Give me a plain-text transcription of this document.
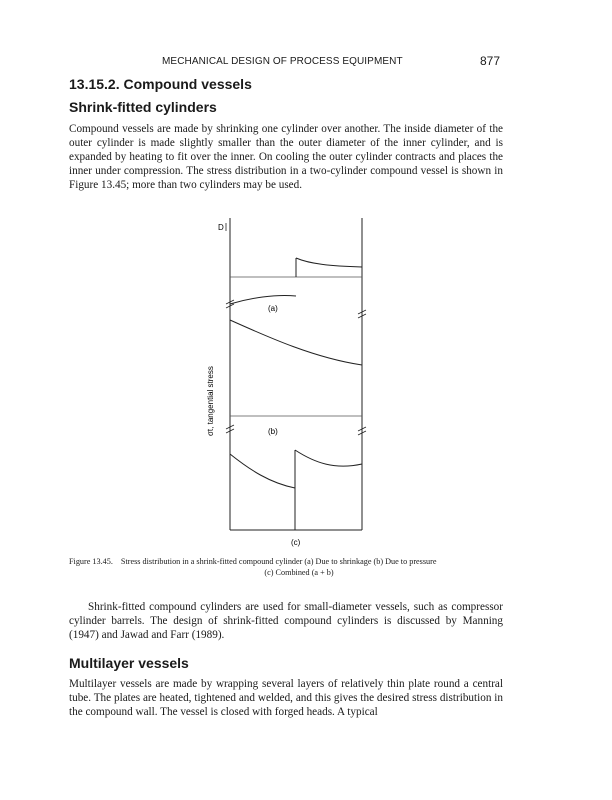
MECHANICAL DESIGN OF PROCESS EQUIPMENT	877
13.15.2. Compound vessels
Shrink-fitted cylinders

Compound vessels are made by shrinking one cylinder over another. The inside diameter of the outer cylinder is made slightly smaller than the outer diameter of the inner cylinder, and is expanded by heating to fit over the inner. On cooling the outer cylinder contracts and places the inner under compression. The stress distribution in a two-cylinder compound vessel is shown in Figure 13.45; more than two cylinders may be used.

D
(a)
(b)
(c)
σt, tangential stress
Figure 13.45. Stress distribution in a shrink-fitted compound cylinder (a) Due to shrinkage (b) Due to pressure
(c) Combined (a + b)

Shrink-fitted compound cylinders are used for small-diameter vessels, such as compressor cylinder barrels. The design of shrink-fitted compound cylinders is discussed by Manning (1947) and Jawad and Farr (1989).

Multilayer vessels

Multilayer vessels are made by wrapping several layers of relatively thin plate round a central tube. The plates are heated, tightened and welded, and this gives the desired stress distribution in the compound wall. The vessel is closed with forged heads. A typical
